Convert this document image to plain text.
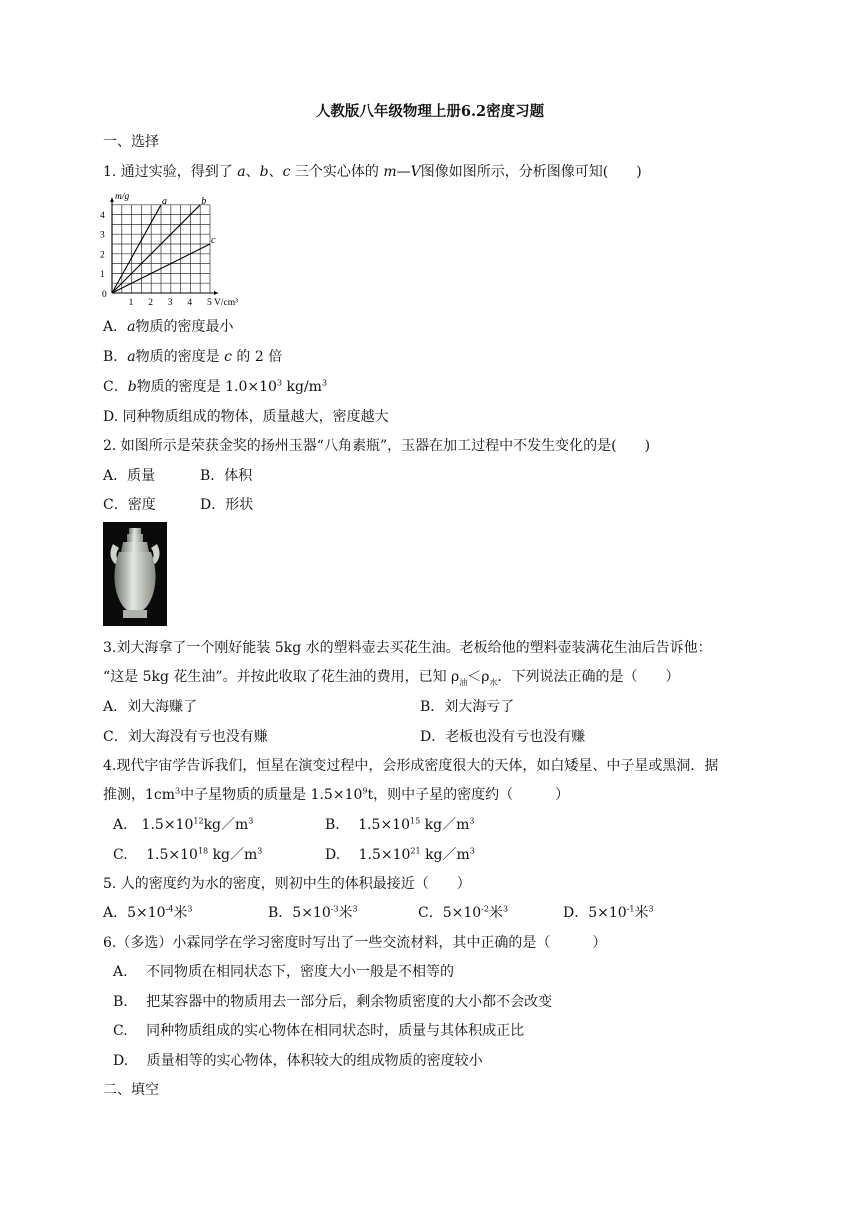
人教版八年级物理上册6.2密度习题
一、选择
1. 通过实验，得到了 a、b、c 三个实心体的 m—V图像如图所示，分析图像可知(　　)
m/g
V/cm³
0
1 2 3 4 5
1
2
3
4
a	b
c
A．a物质的密度最小
B．a物质的密度是 c 的 2 倍
C．b物质的密度是 $1.0\times 10^3$ $kg/m^3$
D. 同种物质组成的物体，质量越大，密度越大
2. 如图所示是荣获金奖的扬州玉器“八角素瓶”，玉器在加工过程中不发生变化的是(　　)
A．质量	B．体积
C．密度	D．形状
3.刘大海拿了一个刚好能装 5kg 水的塑料壶去买花生油。老板给他的塑料壶装满花生油后告诉他：
“这是 5kg 花生油”。并按此收取了花生油的费用，已知 $\rho_油<\rho_水$．下列说法正确的是（　　）
A．刘大海赚了	B．刘大海亏了
C．刘大海没有亏也没有赚	D．老板也没有亏也没有赚
4.现代宇宙学告诉我们，恒星在演变过程中，会形成密度很大的天体，如白矮星、中子星或黑洞．据
推测，$1cm^3$中子星物质的质量是 $1.5\times 10^9t$，则中子星的密度约（　　　）
A.　$1.5\times 10^{12}kg/m^3$	B.　 $1.5\times 10^{15}$ $kg/m^3$
C.　 $1.5\times 10^{18}$ $kg/m^3$	D.　 $1.5\times 10^{21}$ $kg/m^3$
5. 人的密度约为水的密度，则初中生的体积最接近（　　）
A．$5\times 10^{-4}$米$^3$	B．$5\times 10^{-3}$米$^3$	C．$5\times 10^{-2}$米$^3$	D．$5\times 10^{-1}$米$^3$
6.（多选）小霖同学在学习密度时写出了一些交流材料，其中正确的是（　　　）
A.　 不同物质在相同状态下，密度大小一般是不相等的
B.　 把某容器中的物质用去一部分后，剩余物质密度的大小都不会改变
C.　 同种物质组成的实心物体在相同状态时，质量与其体积成正比
D.　 质量相等的实心物体，体积较大的组成物质的密度较小
二、填空
